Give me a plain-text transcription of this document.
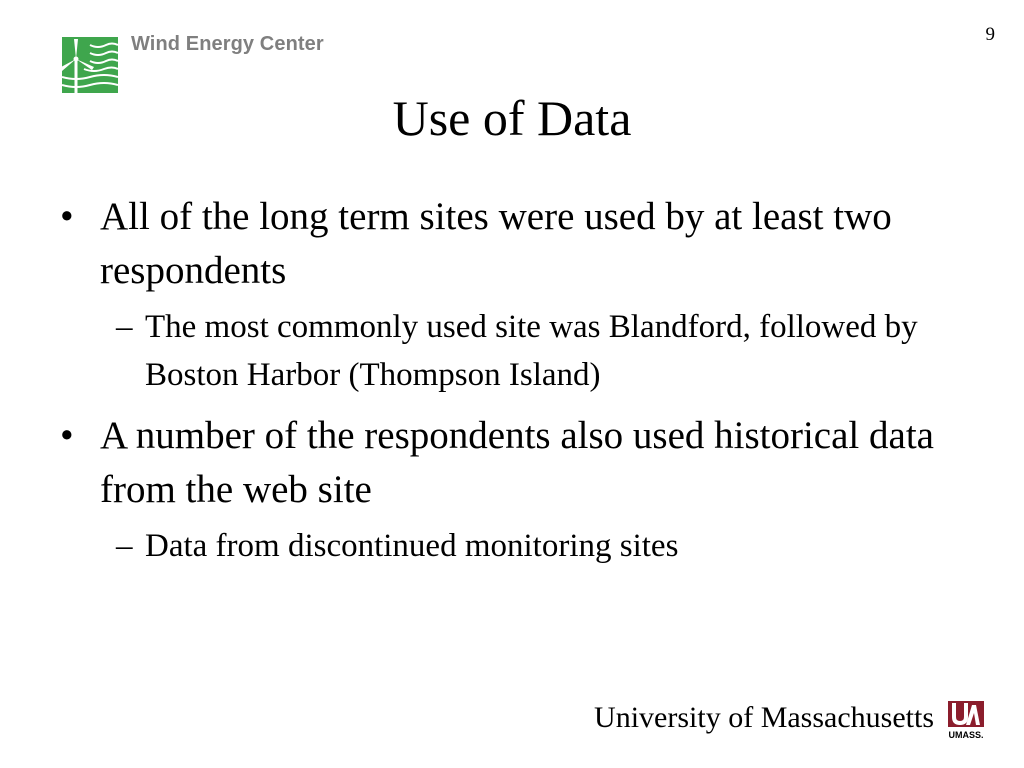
Wind Energy Center	9
Use of Data

• All of the long term sites were used by at least two respondents

– The most commonly used site was Blandford, followed by Boston Harbor (Thompson Island)

• A number of the respondents also used historical data from the web site

– Data from discontinued monitoring sites

University of Massachusetts
UMASS.
